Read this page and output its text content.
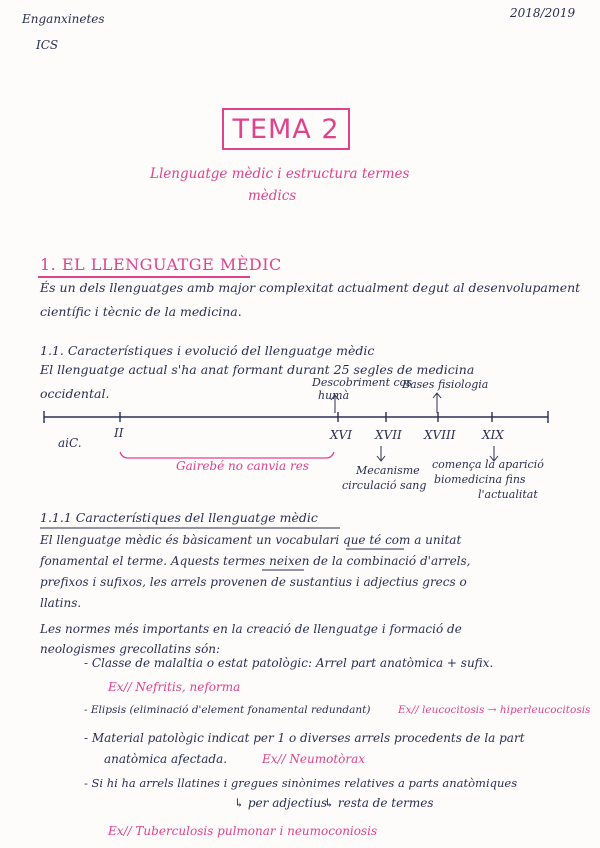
Enganxinetes
ICS
2018/2019
TEMA 2
Llenguatge mèdic i estructura termes
mèdics
1. EL LLENGUATGE MÈDIC
És un dels llenguatges amb major complexitat actualment degut al desenvolupament
científic i tècnic de la medicina.
1.1. Característiques i evolució del llenguatge mèdic
El llenguatge actual s'ha anat formant durant 25 segles de medicina
occidental.
aiC.
II	XVI XVII XVIII XIX
Descobriment cos
humà
Bases fisiologia
Gairebé no canvia res	Mecanisme
circulació sang
comença la aparició
biomedicina fins
l'actualitat
1.1.1 Característiques del llenguatge mèdic
El llenguatge mèdic és bàsicament un vocabulari que té com a unitat
fonamental el terme. Aquests termes neixen de la combinació d'arrels,
prefixos i sufixos, les arrels provenen de sustantius i adjectius grecs o
llatins.
Les normes més importants en la creació de llenguatge i formació de
neologismes grecollatins són:
- Classe de malaltia o estat patològic: Arrel part anatòmica + sufix.
Ex// Nefritis, neforma
- Elipsis (eliminació d'element fonamental redundant)	Ex// leucocitosis → hiperleucocitosis
- Material patològic indicat per 1 o diverses arrels procedents de la part
anatòmica afectada.	Ex// Neumotòrax
- Si hi ha arrels llatines i gregues sinònimes relatives a parts anatòmiques
↳ per adjectius
↳ resta de termes
Ex// Tuberculosis pulmonar i neumoconiosis
